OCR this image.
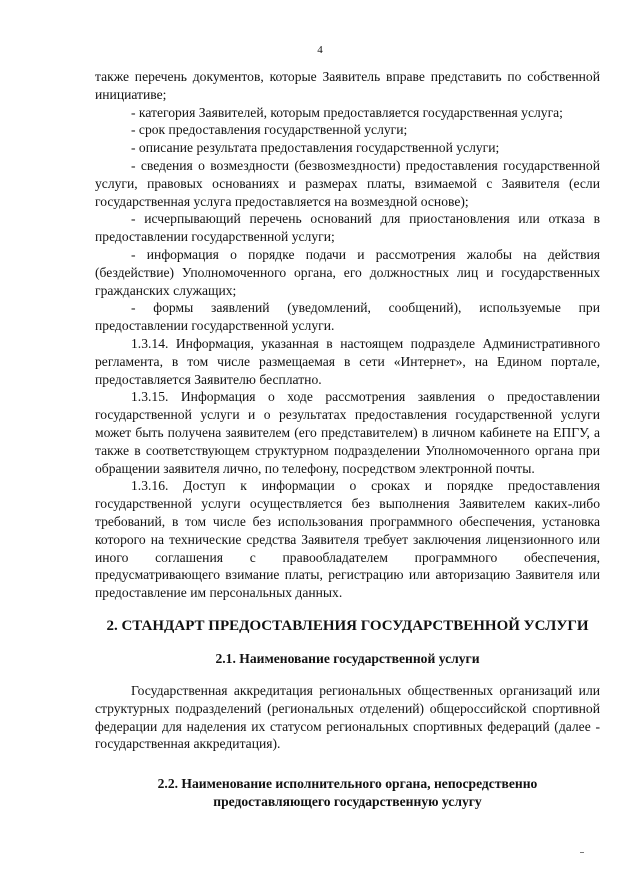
4

также перечень документов, которые Заявитель вправе представить по собственной инициативе;

- категория Заявителей, которым предоставляется государственная услуга;

- срок предоставления государственной услуги;

- описание результата предоставления государственной услуги;

- сведения о возмездности (безвозмездности) предоставления государственной услуги, правовых основаниях и размерах платы, взимаемой с Заявителя (если государственная услуга предоставляется на возмездной основе);

- исчерпывающий перечень оснований для приостановления или отказа в предоставлении государственной услуги;

- информация о порядке подачи и рассмотрения жалобы на действия (бездействие) Уполномоченного органа, его должностных лиц и государственных гражданских служащих;

- формы заявлений (уведомлений, сообщений), используемые при предоставлении государственной услуги.

1.3.14. Информация, указанная в настоящем подразделе Административного регламента, в том числе размещаемая в сети «Интернет», на Едином портале, предоставляется Заявителю бесплатно.

1.3.15. Информация о ходе рассмотрения заявления о предоставлении государственной услуги и о результатах предоставления государственной услуги может быть получена заявителем (его представителем) в личном кабинете на ЕПГУ, а также в соответствующем структурном подразделении Уполномоченного органа при обращении заявителя лично, по телефону, посредством электронной почты.

1.3.16. Доступ к информации о сроках и порядке предоставления государственной услуги осуществляется без выполнения Заявителем каких-либо требований, в том числе без использования программного обеспечения, установка которого на технические средства Заявителя требует заключения лицензионного или иного соглашения с правообладателем программного обеспечения, предусматривающего взимание платы, регистрацию или авторизацию Заявителя или предоставление им персональных данных.

2. СТАНДАРТ ПРЕДОСТАВЛЕНИЯ ГОСУДАРСТВЕННОЙ УСЛУГИ
2.1. Наименование государственной услуги

Государственная аккредитация региональных общественных организаций или структурных подразделений (региональных отделений) общероссийской спортивной федерации для наделения их статусом региональных спортивных федераций (далее - государственная аккредитация).

2.2. Наименование исполнительного органа, непосредственно
предоставляющего государственную услугу
